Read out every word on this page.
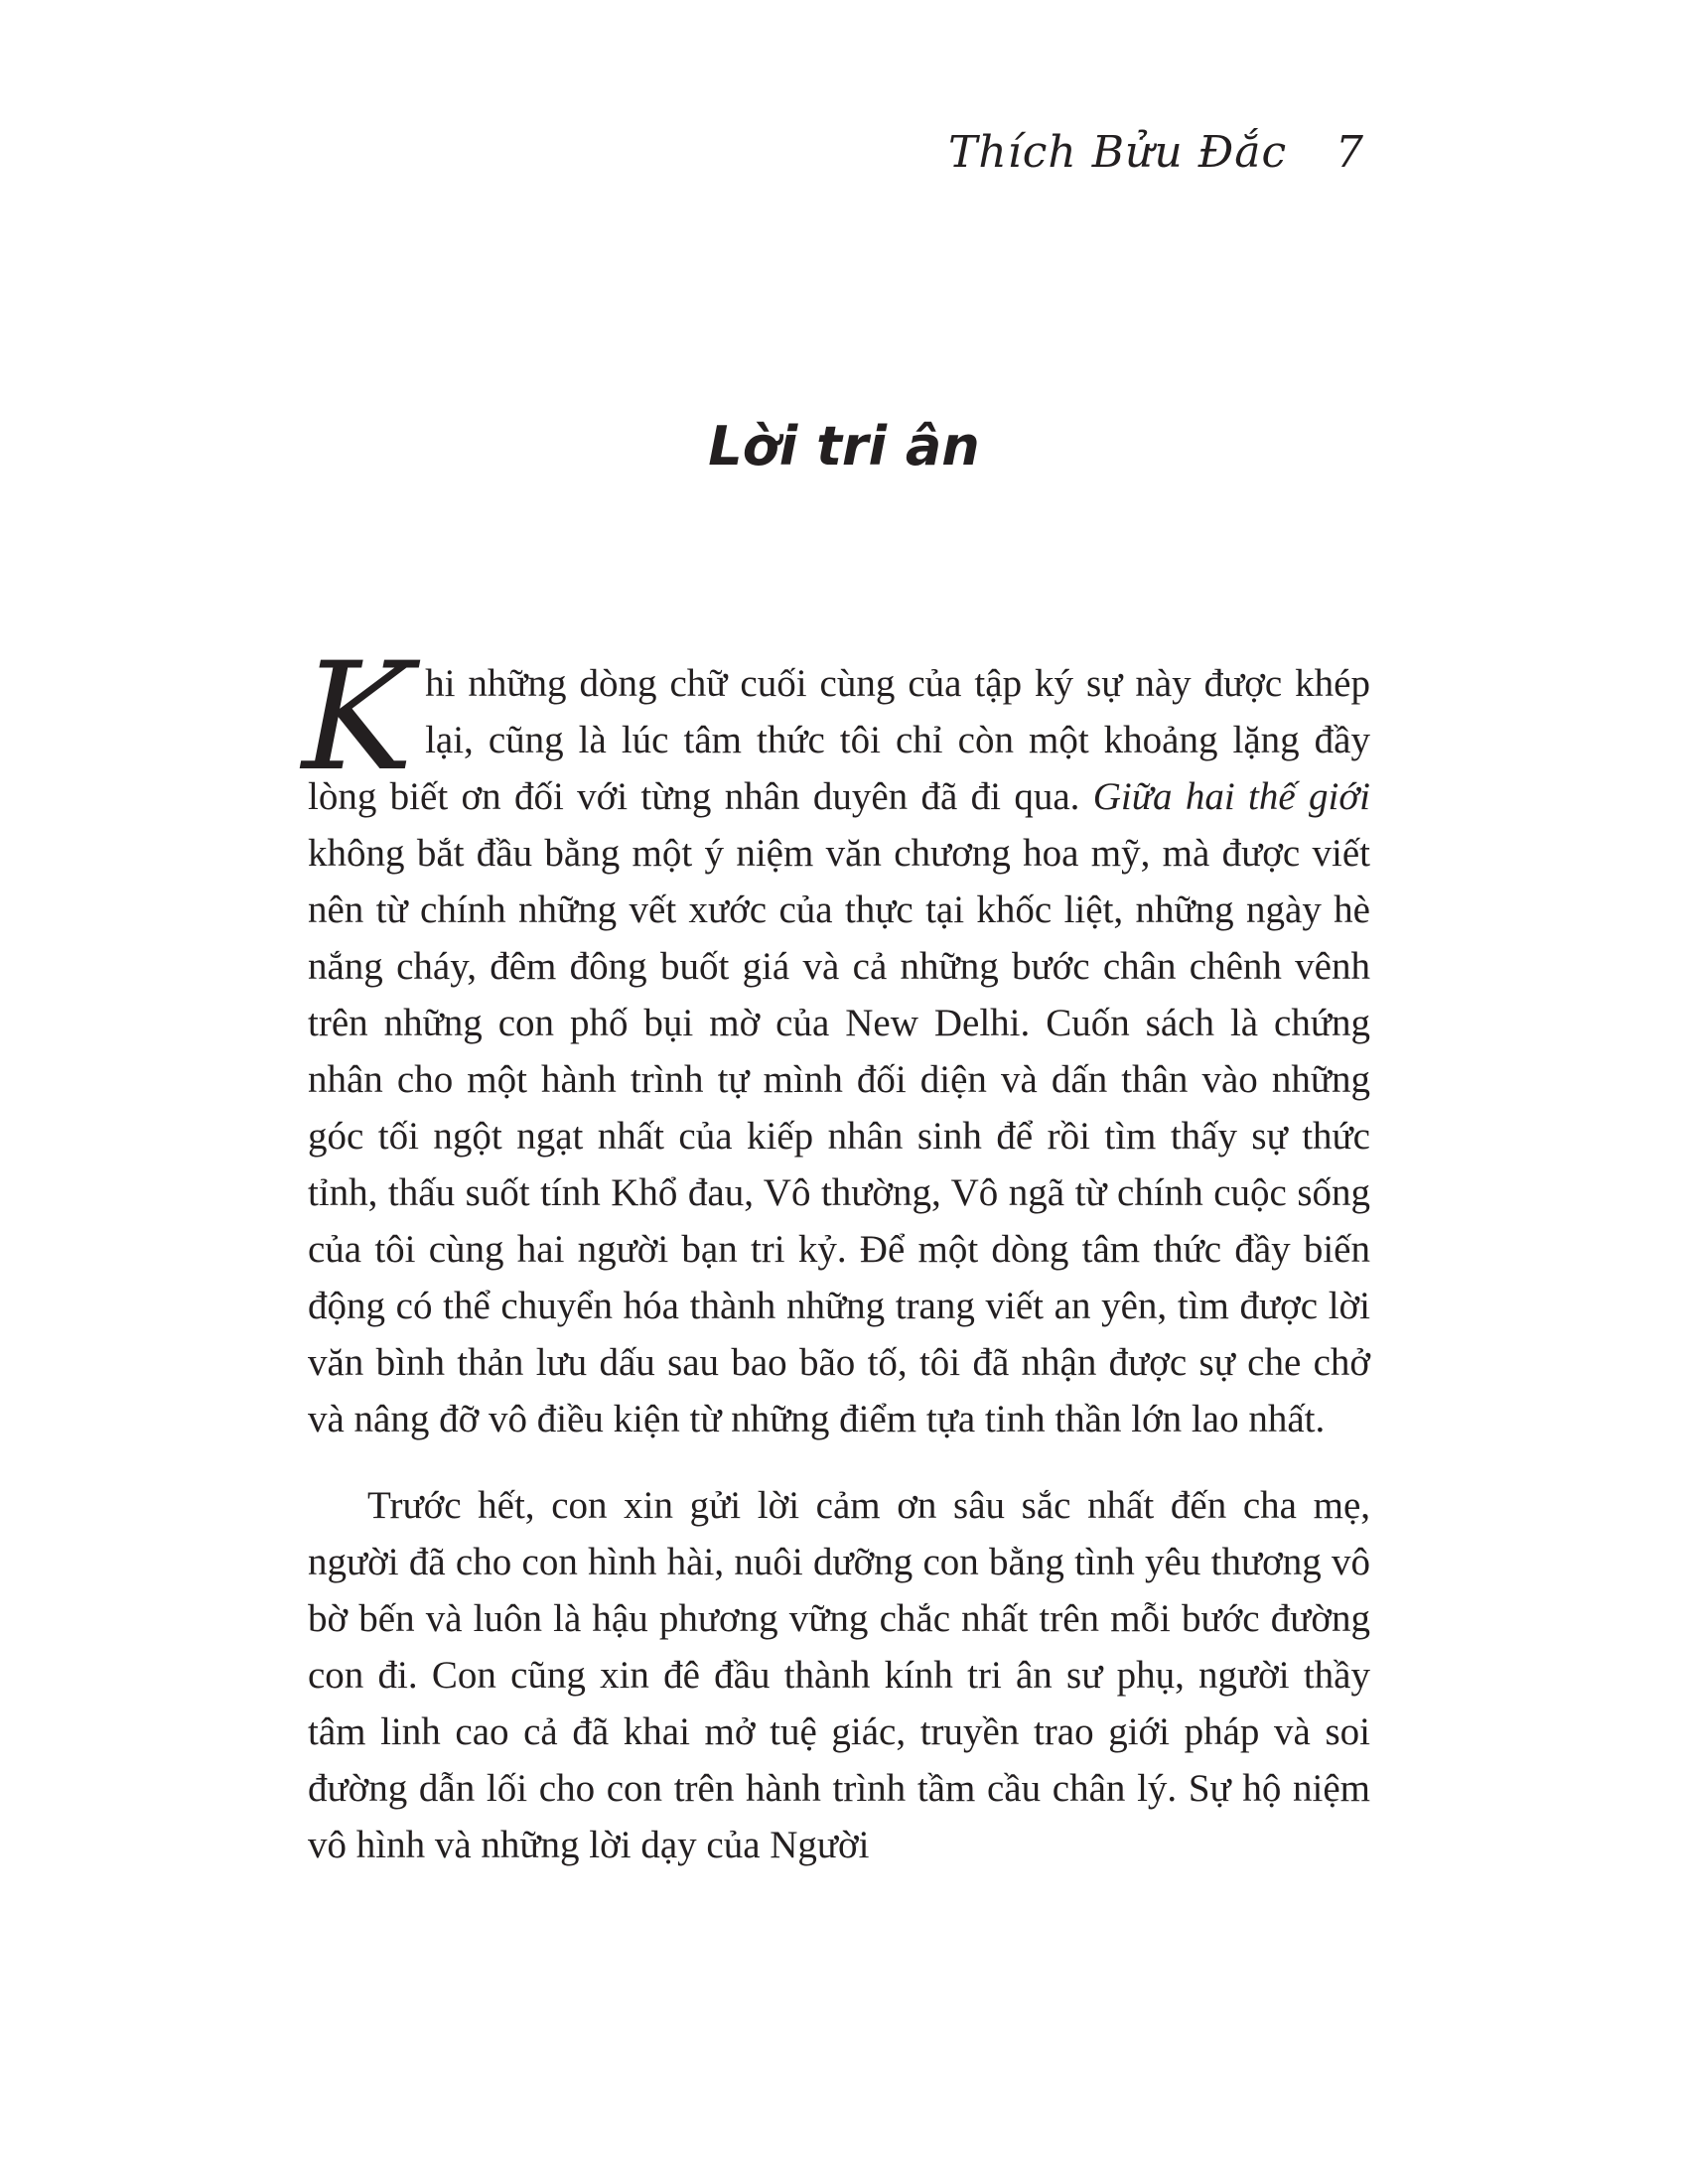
Thích Bửu Đắc 7
Lời tri ân

Khi những dòng chữ cuối cùng của tập ký sự này được khép lại, cũng là lúc tâm thức tôi chỉ còn một khoảng lặng đầy lòng biết ơn đối với từng nhân duyên đã đi qua. Giữa hai thế giới không bắt đầu bằng một ý niệm văn chương hoa mỹ, mà được viết nên từ chính những vết xước của thực tại khốc liệt, những ngày hè nắng cháy, đêm đông buốt giá và cả những bước chân chênh vênh trên những con phố bụi mờ của New Delhi. Cuốn sách là chứng nhân cho một hành trình tự mình đối diện và dấn thân vào những góc tối ngột ngạt nhất của kiếp nhân sinh để rồi tìm thấy sự thức tỉnh, thấu suốt tính Khổ đau, Vô thường, Vô ngã từ chính cuộc sống của tôi cùng hai người bạn tri kỷ. Để một dòng tâm thức đầy biến động có thể chuyển hóa thành những trang viết an yên, tìm được lời văn bình thản lưu dấu sau bao bão tố, tôi đã nhận được sự che chở và nâng đỡ vô điều kiện từ những điểm tựa tinh thần lớn lao nhất.

Trước hết, con xin gửi lời cảm ơn sâu sắc nhất đến cha mẹ, người đã cho con hình hài, nuôi dưỡng con bằng tình yêu thương vô bờ bến và luôn là hậu phương vững chắc nhất trên mỗi bước đường con đi. Con cũng xin đê đầu thành kính tri ân sư phụ, người thầy tâm linh cao cả đã khai mở tuệ giác, truyền trao giới pháp và soi đường dẫn lối cho con trên hành trình tầm cầu chân lý. Sự hộ niệm vô hình và những lời dạy của Người
